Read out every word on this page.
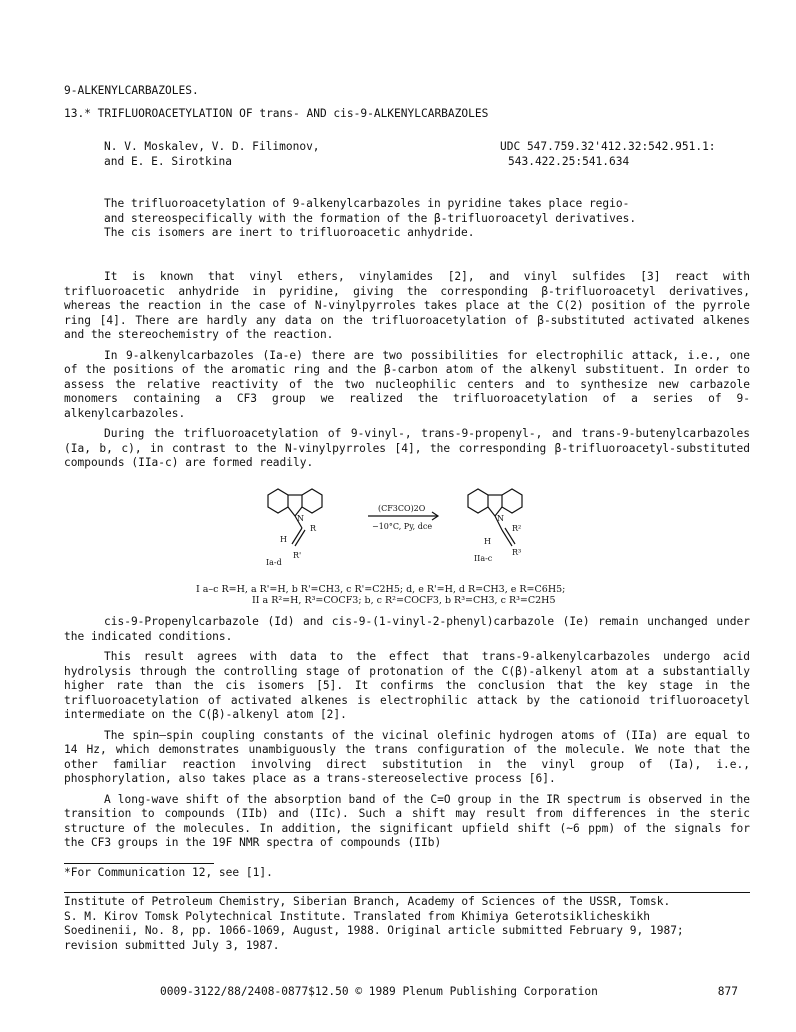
9-ALKENYLCARBAZOLES.
13.* TRIFLUOROACETYLATION OF trans- AND cis-9-ALKENYLCARBAZOLES
N. V. Moskalev, V. D. Filimonov,
and E. E. Sirotkina
UDC 547.759.32'412.32:542.951.1:
543.422.25:541.634
The trifluoroacetylation of 9-alkenylcarbazoles in pyridine takes place regio-
and stereospecifically with the formation of the β-trifluoroacetyl derivatives.
The cis isomers are inert to trifluoroacetic anhydride.

It is known that vinyl ethers, vinylamides [2], and vinyl sulfides [3] react with trifluoroacetic anhydride in pyridine, giving the corresponding β-trifluoroacetyl derivatives, whereas the reaction in the case of N-vinylpyrroles takes place at the C(2) position of the pyrrole ring [4]. There are hardly any data on the trifluoroacetylation of β-substituted activated alkenes and the stereochemistry of the reaction.

In 9-alkenylcarbazoles (Ia-e) there are two possibilities for electrophilic attack, i.e., one of the positions of the aromatic ring and the β-carbon atom of the alkenyl substituent. In order to assess the relative reactivity of the two nucleophilic centers and to synthesize new carbazole monomers containing a CF3 group we realized the trifluoroacetylation of a series of 9-alkenylcarbazoles.

During the trifluoroacetylation of 9-vinyl-, trans-9-propenyl-, and trans-9-butenylcarbazoles (Ia, b, c), in contrast to the N-vinylpyrroles [4], the corresponding β-trifluoroacetyl-substituted compounds (IIa-c) are formed readily.

N
R
H
R'
Ia-d
(CF3CO)2O
−10°C, Py, dce
N
R²
H
IIa-c
R³
I a–c R=H, a R'=H, b R'=CH3, c R'=C2H5; d, e R'=H, d R=CH3, e R=C6H5;
II a R²=H, R³=COCF3; b, c R²=COCF3, b R³=CH3, c R³=C2H5

cis-9-Propenylcarbazole (Id) and cis-9-(1-vinyl-2-phenyl)carbazole (Ie) remain unchanged under the indicated conditions.

This result agrees with data to the effect that trans-9-alkenylcarbazoles undergo acid hydrolysis through the controlling stage of protonation of the C(β)-alkenyl atom at a substantially higher rate than the cis isomers [5]. It confirms the conclusion that the key stage in the trifluoroacetylation of activated alkenes is electrophilic attack by the cationoid trifluoroacetyl intermediate on the C(β)-alkenyl atom [2].

The spin–spin coupling constants of the vicinal olefinic hydrogen atoms of (IIa) are equal to 14 Hz, which demonstrates unambiguously the trans configuration of the molecule. We note that the other familiar reaction involving direct substitution in the vinyl group of (Ia), i.e., phosphorylation, also takes place as a trans-stereoselective process [6].

A long-wave shift of the absorption band of the C=O group in the IR spectrum is observed in the transition to compounds (IIb) and (IIc). Such a shift may result from differences in the steric structure of the molecules. In addition, the significant upfield shift (~6 ppm) of the signals for the CF3 groups in the 19F NMR spectra of compounds (IIb)

*For Communication 12, see [1].
Institute of Petroleum Chemistry, Siberian Branch, Academy of Sciences of the USSR, Tomsk.
S. M. Kirov Tomsk Polytechnical Institute. Translated from Khimiya Geterotsiklicheskikh
Soedinenii, No. 8, pp. 1066-1069, August, 1988. Original article submitted February 9, 1987;
revision submitted July 3, 1987.
0009-3122/88/2408-0877$12.50 © 1989 Plenum Publishing Corporation	877
